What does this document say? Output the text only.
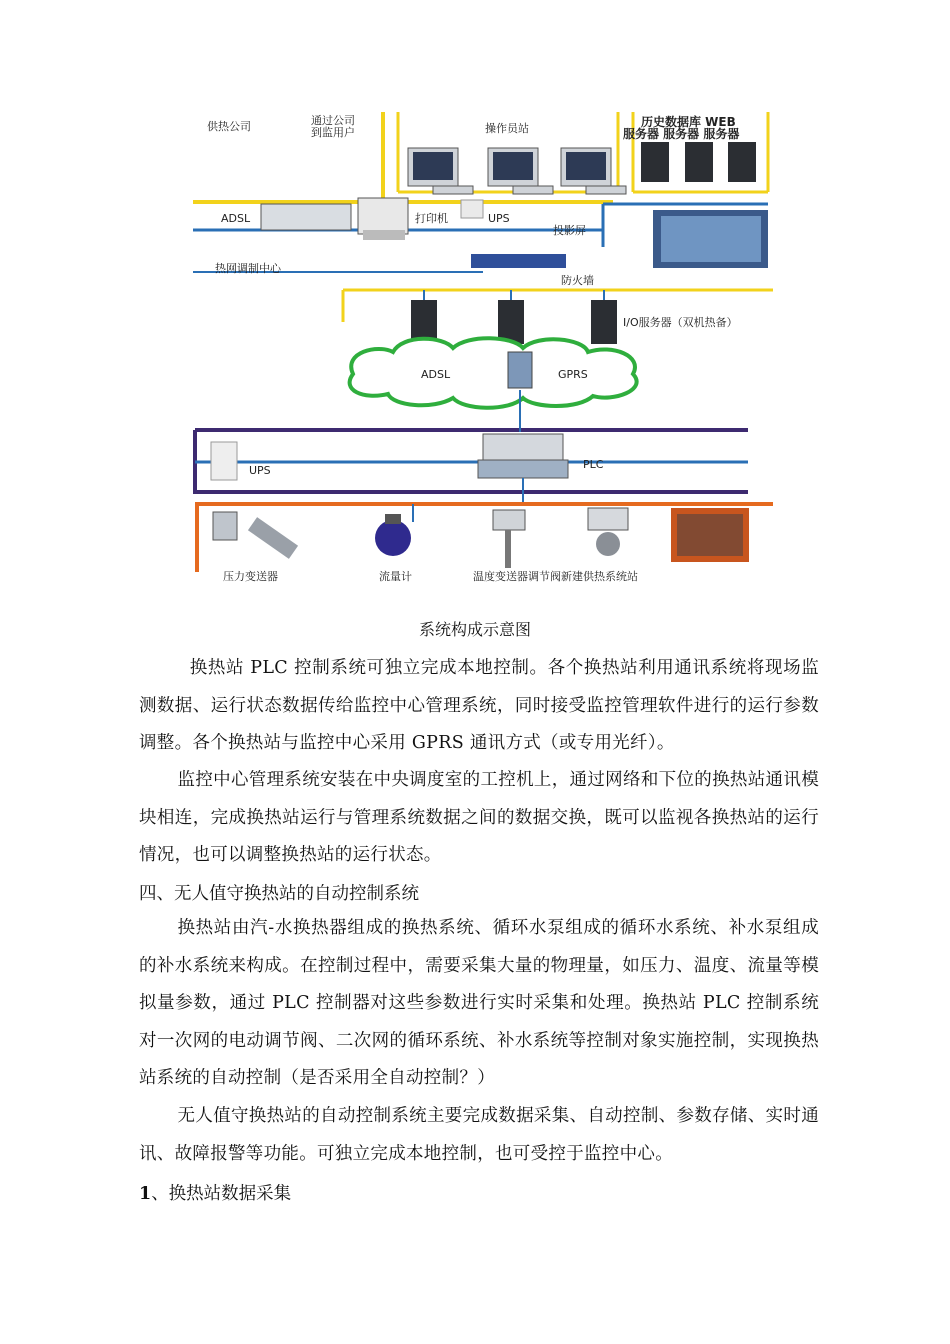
供热公司	通过公司
到监用户	操作员站	历史数据库 WEB
服务器 服务器 服务器
ADSL	打印机	UPS
投影屏
热网调制中心
防火墙
I/O服务器（双机热备）
ADSL	GPRS
UPS	PLC
压力变送器	流量计	温度变送器调节阀新建供热系统站
系统构成示意图
换热站 PLC 控制系统可独立完成本地控制。各个换热站利用通讯系统将现场监测数据、运行状态数据传给监控中心管理系统，同时接受监控管理软件进行的运行参数调整。各个换热站与监控中心采用 GPRS 通讯方式（或专用光纤）。
监控中心管理系统安装在中央调度室的工控机上，通过网络和下位的换热站通讯模块相连，完成换热站运行与管理系统数据之间的数据交换，既可以监视各换热站的运行情况，也可以调整换热站的运行状态。
四、无人值守换热站的自动控制系统
换热站由汽-水换热器组成的换热系统、循环水泵组成的循环水系统、补水泵组成的补水系统来构成。在控制过程中，需要采集大量的物理量，如压力、温度、流量等模拟量参数，通过 PLC 控制器对这些参数进行实时采集和处理。换热站 PLC 控制系统对一次网的电动调节阀、二次网的循环系统、补水系统等控制对象实施控制，实现换热站系统的自动控制（是否采用全自动控制？）
无人值守换热站的自动控制系统主要完成数据采集、自动控制、参数存储、实时通讯、故障报警等功能。可独立完成本地控制，也可受控于监控中心。
1、换热站数据采集
